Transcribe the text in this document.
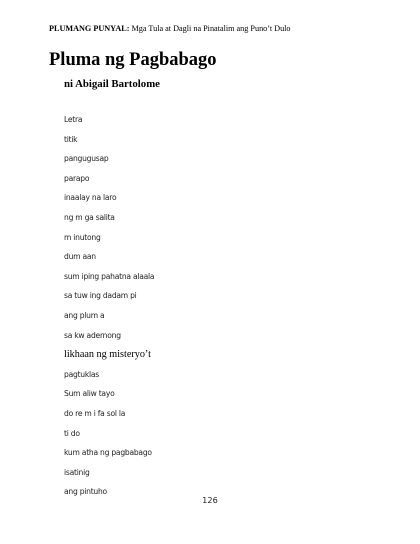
PLUMANG PUNYAL: Mga Tula at Dagli na Pinatalim ang Puno’t Dulo
Pluma ng Pagbabago
ni Abigail Bartolome
Letra
titik
pangugusap
parapo
inaalay na laro
ng m ga salita
m inutong
dum aan
sum iping pahatna alaala
sa tuw ing dadam pi
ang plum a
sa kw adernong
likhaan ng misteryo’t
pagtuklas
Sum aliw tayo
do re m i fa sol la
ti do
kum atha ng pagbabago
isatinig
ang pintuho
126
